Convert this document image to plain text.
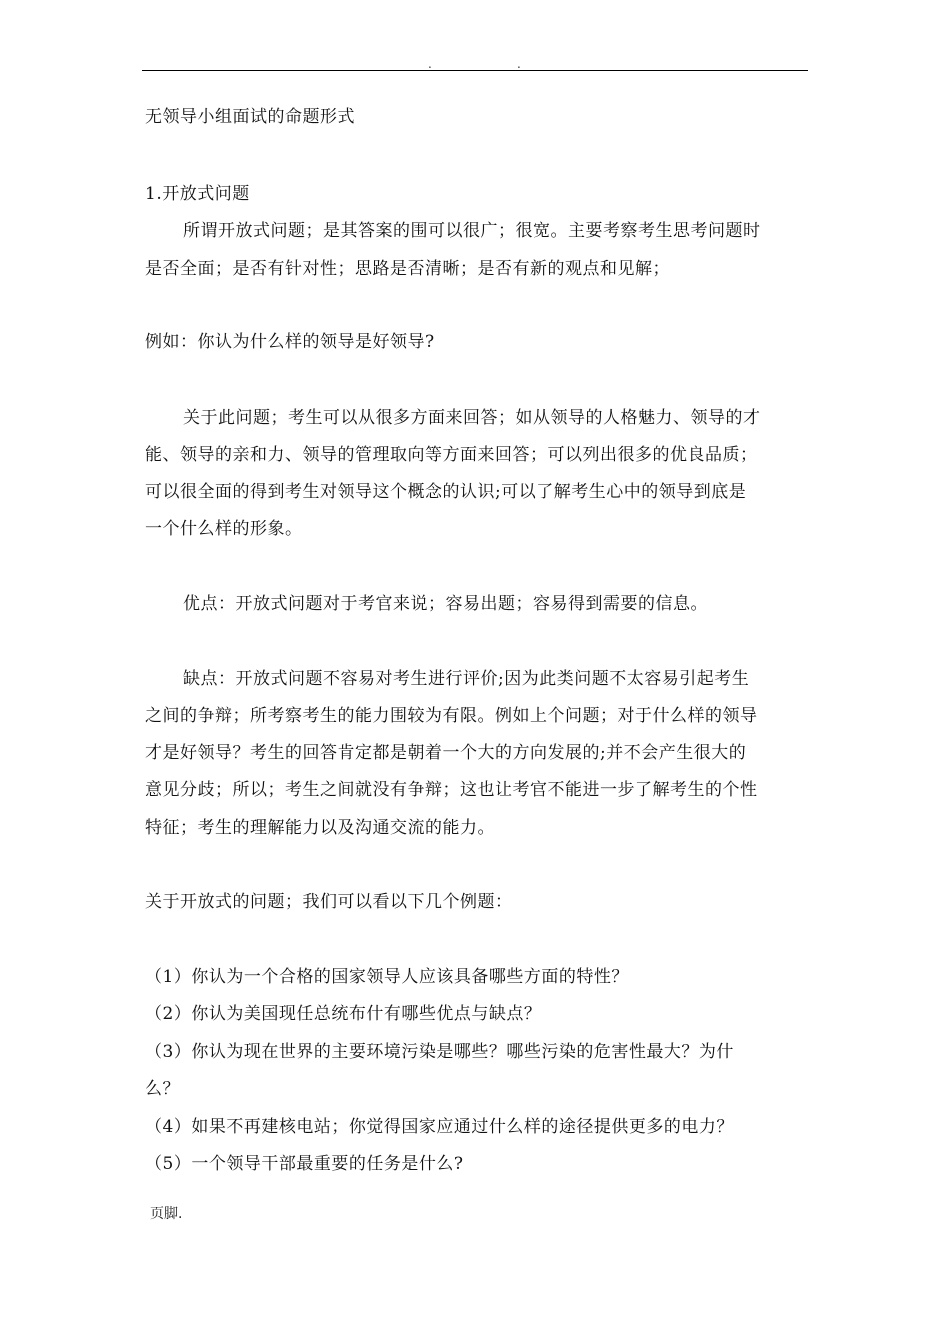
.	.
无领导小组面试的命题形式
1.开放式问题
所谓开放式问题；是其答案的围可以很广；很宽。主要考察考生思考问题时
是否全面；是否有针对性；思路是否清晰；是否有新的观点和见解；
例如：你认为什么样的领导是好领导?
关于此问题；考生可以从很多方面来回答；如从领导的人格魅力、领导的才
能、领导的亲和力、领导的管理取向等方面来回答；可以列出很多的优良品质；
可以很全面的得到考生对领导这个概念的认识;可以了解考生心中的领导到底是
一个什么样的形象。
优点：开放式问题对于考官来说；容易出题；容易得到需要的信息。
缺点：开放式问题不容易对考生进行评价;因为此类问题不太容易引起考生
之间的争辩；所考察考生的能力围较为有限。例如上个问题；对于什么样的领导
才是好领导？考生的回答肯定都是朝着一个大的方向发展的;并不会产生很大的
意见分歧；所以；考生之间就没有争辩；这也让考官不能进一步了解考生的个性
特征；考生的理解能力以及沟通交流的能力。
关于开放式的问题；我们可以看以下几个例题：
（1）你认为一个合格的国家领导人应该具备哪些方面的特性？
（2）你认为美国现任总统布什有哪些优点与缺点？
（3）你认为现在世界的主要环境污染是哪些？哪些污染的危害性最大？为什
么？
（4）如果不再建核电站；你觉得国家应通过什么样的途径提供更多的电力？
（5）一个领导干部最重要的任务是什么?
页脚.
